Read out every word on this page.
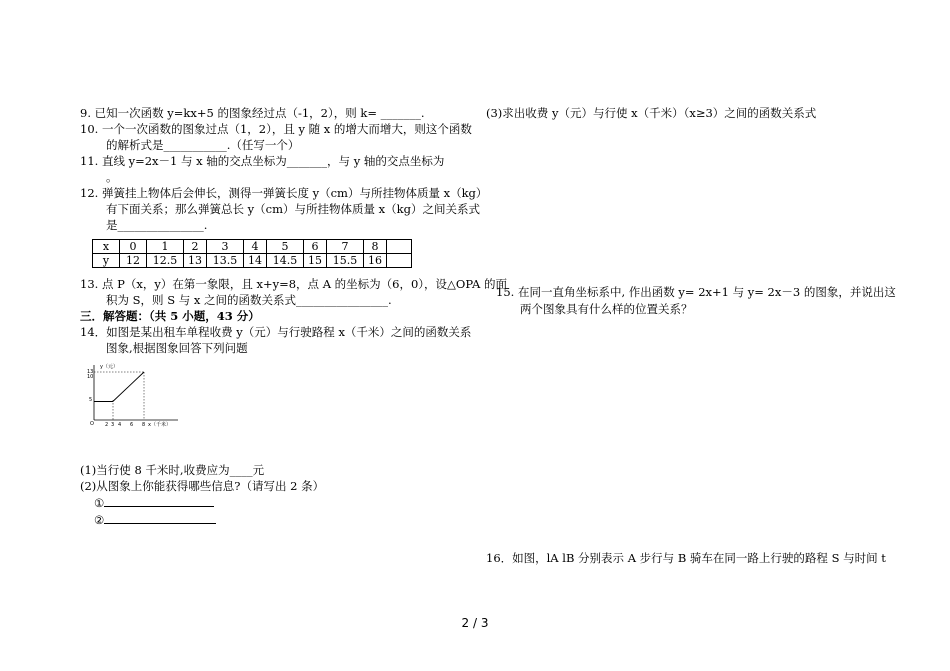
9. 已知一次函数 y=kx+5 的图象经过点（-1，2），则 k= _______.

10. 一个一次函数的图象过点（1，2），且 y 随 x 的增大而增大，则这个函数

的解析式是___________.（任写一个）

11. 直线 y=2x－1 与 x 轴的交点坐标为_______，与 y 轴的交点坐标为

。

12. 弹簧挂上物体后会伸长，测得一弹簧长度 y（cm）与所挂物体质量 x（kg）

有下面关系；那么弹簧总长 y（cm）与所挂物体质量 x（kg）之间关系式

是_______________.

x	0	1	2	3	4	5	6	7	8	
y	12	12.5	13	13.5	14	14.5	15	15.5	16	

13. 点 P（x，y）在第一象限，且 x+y=8，点 A 的坐标为（6，0），设△OPA 的面

积为 S，则 S 与 x 之间的函数关系式________________.

三．解答题：（共 5 小题，43 分）

14．如图是某出租车单程收费 y（元）与行驶路程 x（千米）之间的函数关系

图象,根据图象回答下列问题

y（元）
x（千米）
13
10
5
O 2 3 4 6 8

(1)当行使 8 千米时,收费应为____元

(2)从图象上你能获得哪些信息?（请写出 2 条）

①

②

(3)求出收费 y（元）与行使 x（千米）（x≥3）之间的函数关系式

15. 在同一直角坐标系中, 作出函数 y= 2x+1 与 y= 2x－3 的图象，并说出这

两个图象具有什么样的位置关系？

16．如图，lA lB 分别表示 A 步行与 B 骑车在同一路上行驶的路程 S 与时间 t

2 / 3
